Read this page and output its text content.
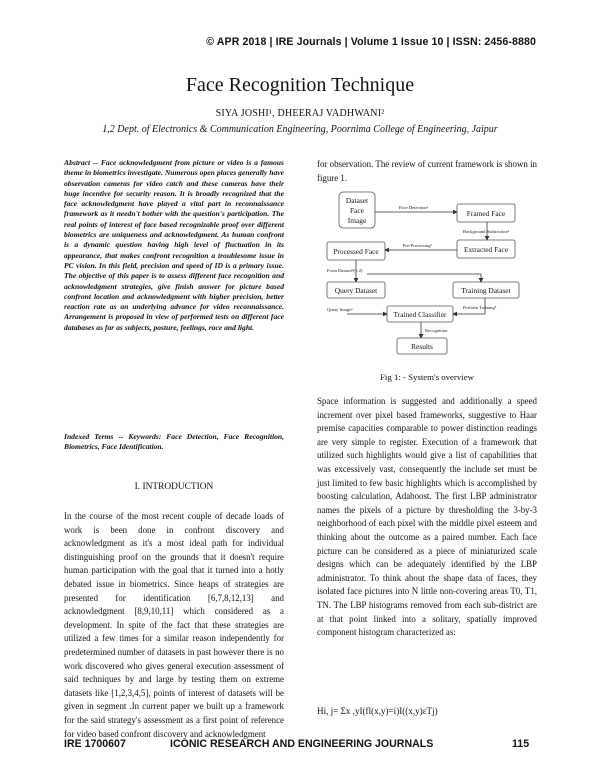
© APR 2018 | IRE Journals | Volume 1 Issue 10 | ISSN: 2456-8880
Face Recognition Technique
SIYA JOSHI¹, DHEERAJ VADHWANI²
1,2 Dept. of Electronics & Communication Engineering, Poornima College of Engineering, Jaipur

Abstract -- Face acknowledgment from picture or video is a famous theme in biometrics investigate. Numerous open places generally have observation cameras for video catch and these cameras have their huge incentive for security reason. It is broadly recognized that the face acknowledgment have played a vital part in reconnaissance framework as it needn't bother with the question's participation. The real points of interest of face based recognizable proof over different biometrics are uniqueness and acknowledgment. As human confront is a dynamic question having high level of fluctuation in its appearance, that makes confront recognition a troublesome issue in PC vision. In this field, precision and speed of ID is a primary issue. The objective of this paper is to assess different face recognition and acknowledgment strategies, give finish answer for picture based confront location and acknowledgment with higher precision, better reaction rate as an underlying advance for video reconnaissance. Arrangement is proposed in view of performed tests on different face databases as far as subjects, posture, feelings, race and light.

Indexed Terms -- Keywords: Face Detection, Face Recognition, Biometrics, Face Identification.

I. INTRODUCTION

In the course of the most recent couple of decade loads of work is been done in confront discovery and acknowledgment as it's a most ideal path for individual distinguishing proof on the grounds that it doesn't require human participation with the goal that it turned into a hotly debated issue in biometrics. Since heaps of strategies are presented for identification [6,7,8,12,13] and acknowledgment [8,9,10,11] which considered as a development. In spite of the fact that these strategies are utilized a few times for a similar reason independently for predetermined number of datasets in past however there is no work discovered who gives general execution assessment of said techniques by and large by testing them on extreme datasets like [1,2,3,4,5], points of interest of datasets will be given in segment .In current paper we built up a framework for the said strategy's assessment as a first point of reference for video based confront discovery and acknowledgment

for observation. The review of current framework is shown in figure 1.

Dataset
Face
Image
Framed Face
Extracted Face
Processed Face
Query Dataset	Training Dataset
Trained Classifier
Results
Face Detection¹
Background Subtraction²
Pre-Processing³
Form Dataset⁴(1:2)
Perform Training⁵
Query Image⁶
Recognition
Fig 1: - System's overview

Space information is suggested and additionally a speed increment over pixel based frameworks, suggestive to Haar premise capacities comparable to power distinction readings are very simple to register. Execution of a framework that utilized such highlights would give a list of capabilities that was excessively vast, consequently the include set must be just limited to few basic highlights which is accomplished by boosting calculation, Adaboost. The first LBP administrator names the pixels of a picture by thresholding the 3-by-3 neighborhood of each pixel with the middle pixel esteem and thinking about the outcome as a paired number. Each face picture can be considered as a piece of miniaturized scale designs which can be adequately identified by the LBP administrator. To think about the shape data of faces, they isolated face pictures into N little non-covering areas T0, T1, TN. The LBP histograms removed from each sub-district are at that point linked into a solitary, spatially improved component histogram characterized as:

Hi, j= Σx ,yI(fl(x,y)=i)I((x,y)εTj)
IRE 1700607	ICONIC RESEARCH AND ENGINEERING JOURNALS	115
